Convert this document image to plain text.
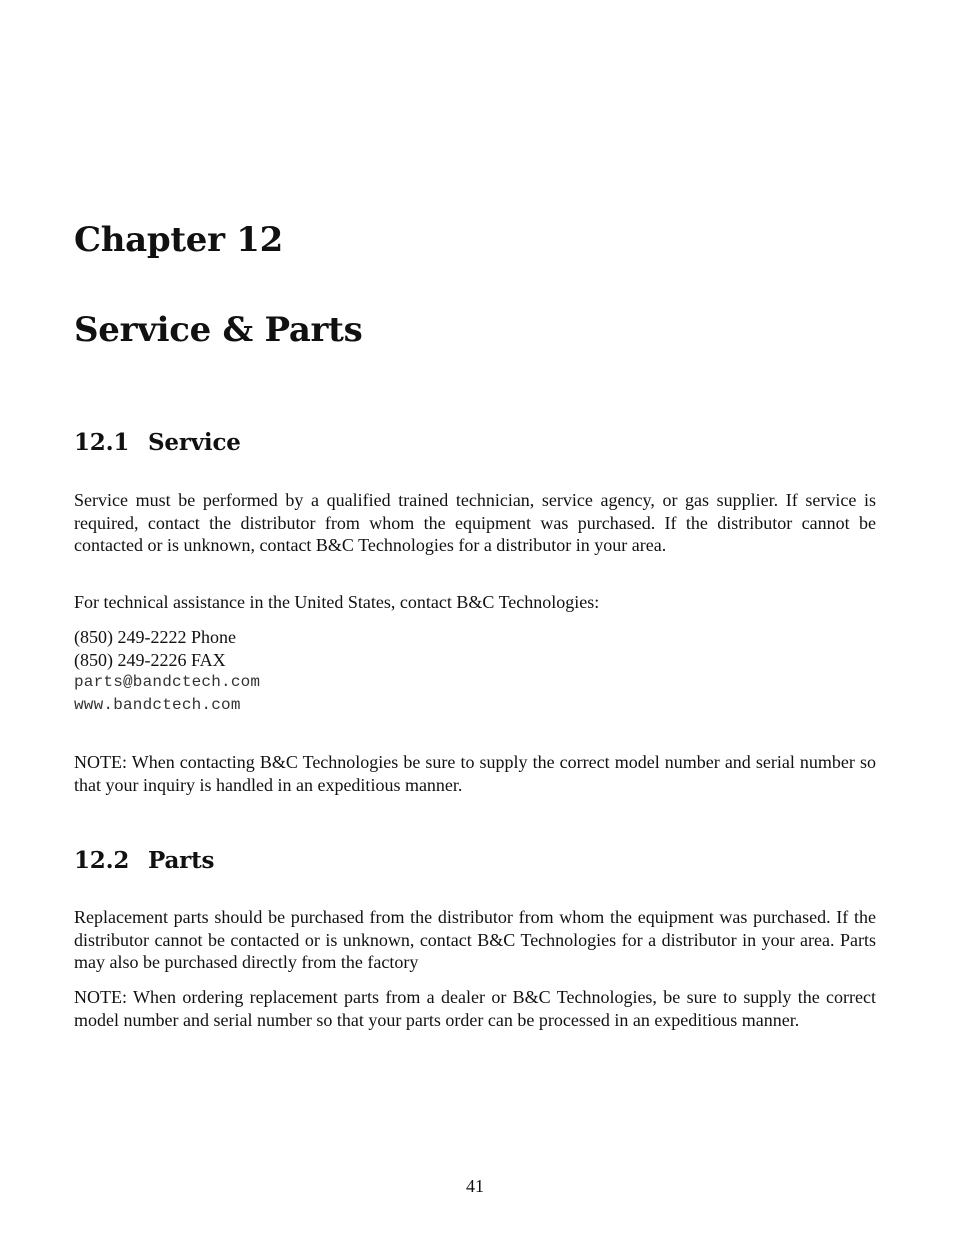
Chapter 12
Service & Parts
12.1 Service

Service must be performed by a qualified trained technician, service agency, or gas supplier. If service is required, contact the distributor from whom the equipment was purchased. If the distributor cannot be contacted or is unknown, contact B&C Technologies for a distributor in your area.

For technical assistance in the United States, contact B&C Technologies:

(850) 249-2222 Phone
(850) 249-2226 FAX
parts@bandctech.com
www.bandctech.com

NOTE: When contacting B&C Technologies be sure to supply the correct model number and serial number so that your inquiry is handled in an expeditious manner.

12.2 Parts

Replacement parts should be purchased from the distributor from whom the equipment was purchased. If the distributor cannot be contacted or is unknown, contact B&C Technologies for a distributor in your area. Parts may also be purchased directly from the factory

NOTE: When ordering replacement parts from a dealer or B&C Technologies, be sure to supply the correct model number and serial number so that your parts order can be processed in an expeditious manner.

41
